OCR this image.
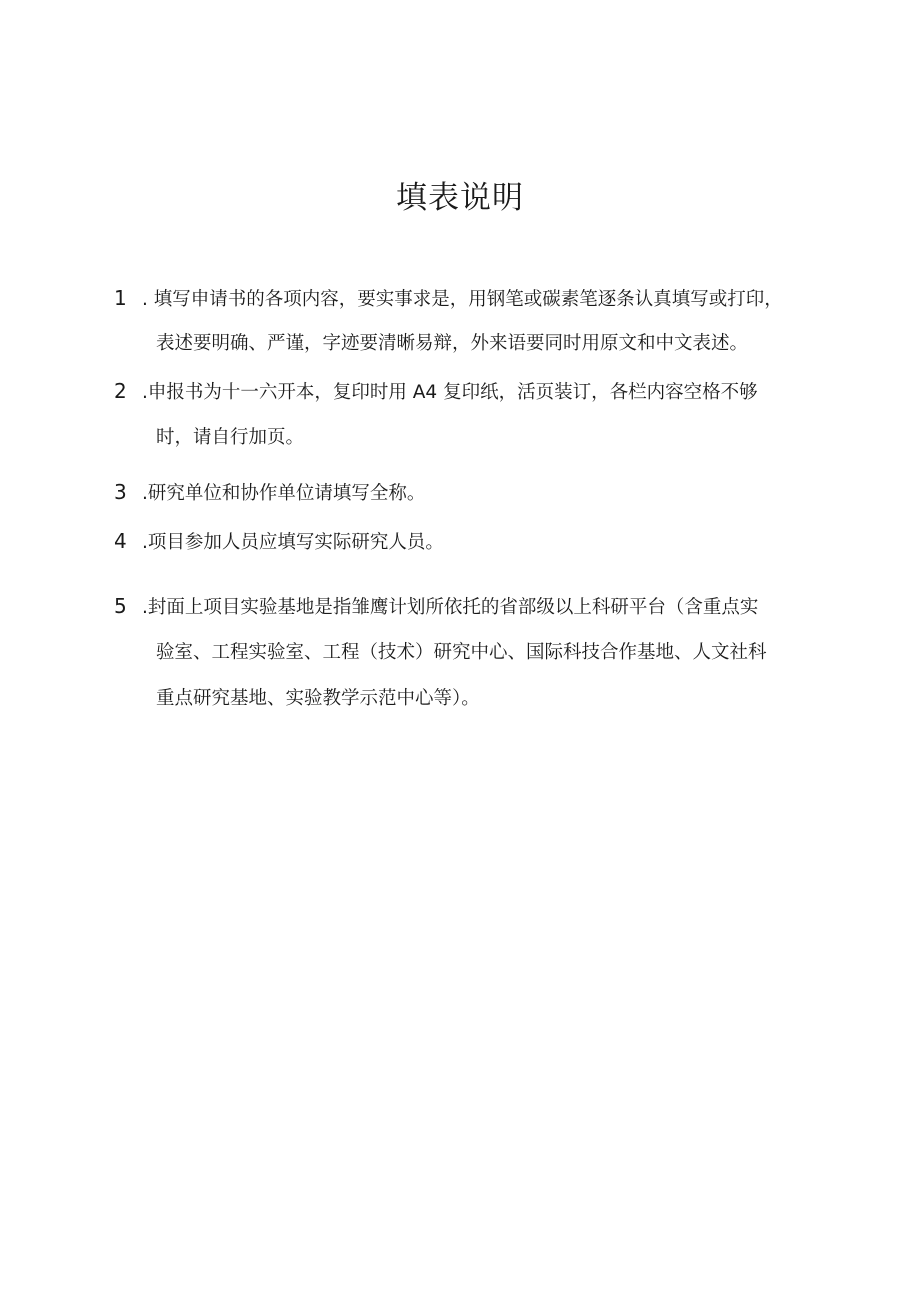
填表说明
1 . 填写申请书的各项内容，要实事求是，用钢笔或碳素笔逐条认真填写或打印，
表述要明确、严谨，字迹要清晰易辩，外来语要同时用原文和中文表述。
2 .申报书为十一六开本，复印时用 A4 复印纸，活页装订，各栏内容空格不够
时，请自行加页。
3 .研究单位和协作单位请填写全称。
4 .项目参加人员应填写实际研究人员。
5 .封面上项目实验基地是指雏鹰计划所依托的省部级以上科研平台（含重点实
验室、工程实验室、工程（技术）研究中心、国际科技合作基地、人文社科
重点研究基地、实验教学示范中心等）。
